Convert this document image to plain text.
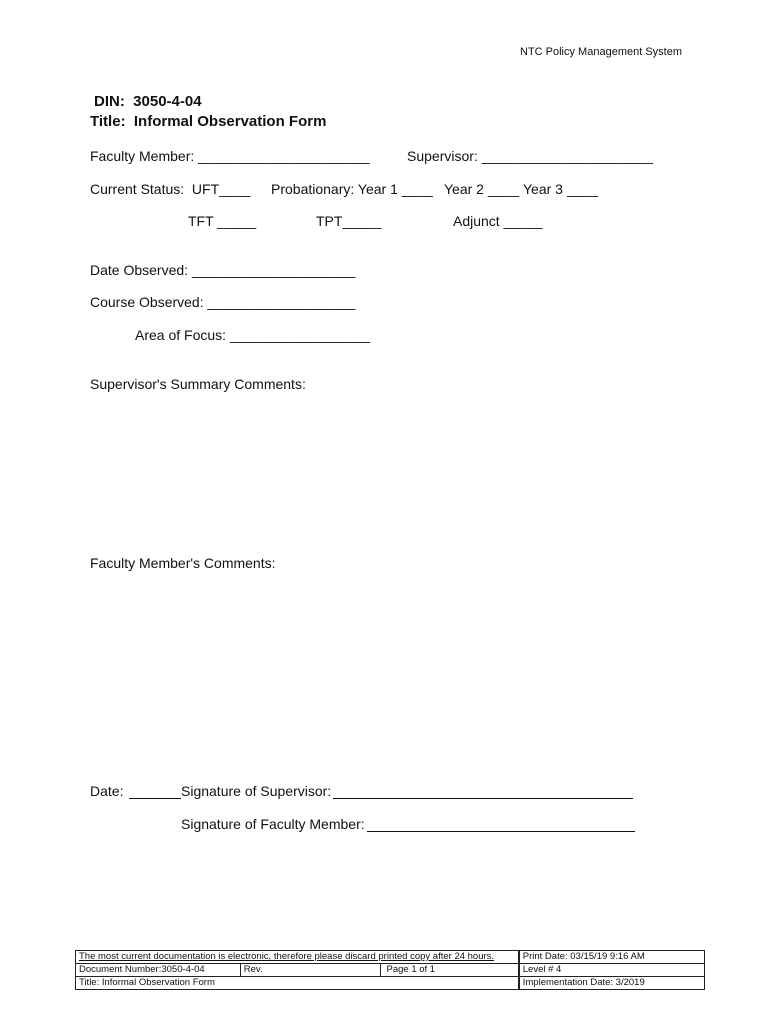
NTC Policy Management System
DIN:  3050-4-04
Title:  Informal Observation Form
Faculty Member: ______________________	Supervisor: ______________________
Current Status:  UFT____ Probationary: Year 1 ____ Year 2 ____ Year 3 ____
TFT _____	TPT_____	Adjunct _____
Date Observed: _____________________
Course Observed: ___________________
Area of Focus: __________________
Supervisor's Summary Comments:
Faculty Member's Comments:
Date:	Signature of Supervisor:
Signature of Faculty Member:
The most current documentation is electronic, therefore please discard printed copy after 24 hours.			Print Date: 03/15/19 9:16 AM
Document Number:3050-4-04	Rev.	Page 1 of 1	Level # 4
Title: Informal Observation Form			Implementation Date: 3/2019
